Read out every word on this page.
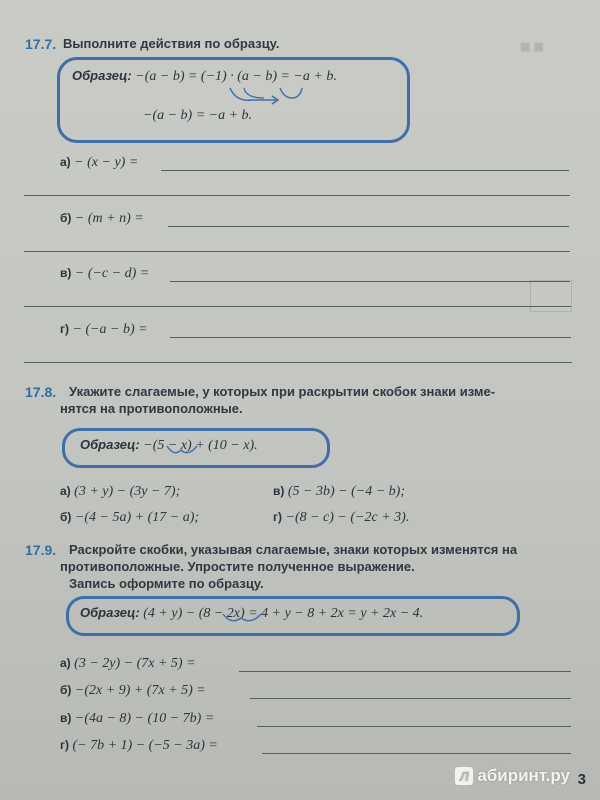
▦ ▦
17.7. Выполните действия по образцу.
Образец: −(a − b) = (−1) · (a − b) = −a + b.
−(a − b) = −a + b.
а) − (x − y) =
б) − (m + n) =
в) − (−c − d) =
г) − (−a − b) =
17.8. Укажите слагаемые, у которых при раскрытии скобок знаки изме-
нятся на противоположные.
Образец: −(5 − x) + (10 − x).
а) (3 + y) − (3y − 7);	в) (5 − 3b) − (−4 − b);
б) −(4 − 5a) + (17 − a);	г) −(8 − c) − (−2c + 3).
17.9. Раскройте скобки, указывая слагаемые, знаки которых изменятся на
противоположные. Упростите полученное выражение.
Запись оформите по образцу.
Образец: (4 + y) − (8 − 2x) = 4 + y − 8 + 2x = y + 2x − 4.
а) (3 − 2y) − (7x + 5) =
б) −(2x + 9) + (7x + 5) =
в) −(4a − 8) − (10 − 7b) =
г) (− 7b + 1) − (−5 − 3a) =
Л абиринт.ру 3
